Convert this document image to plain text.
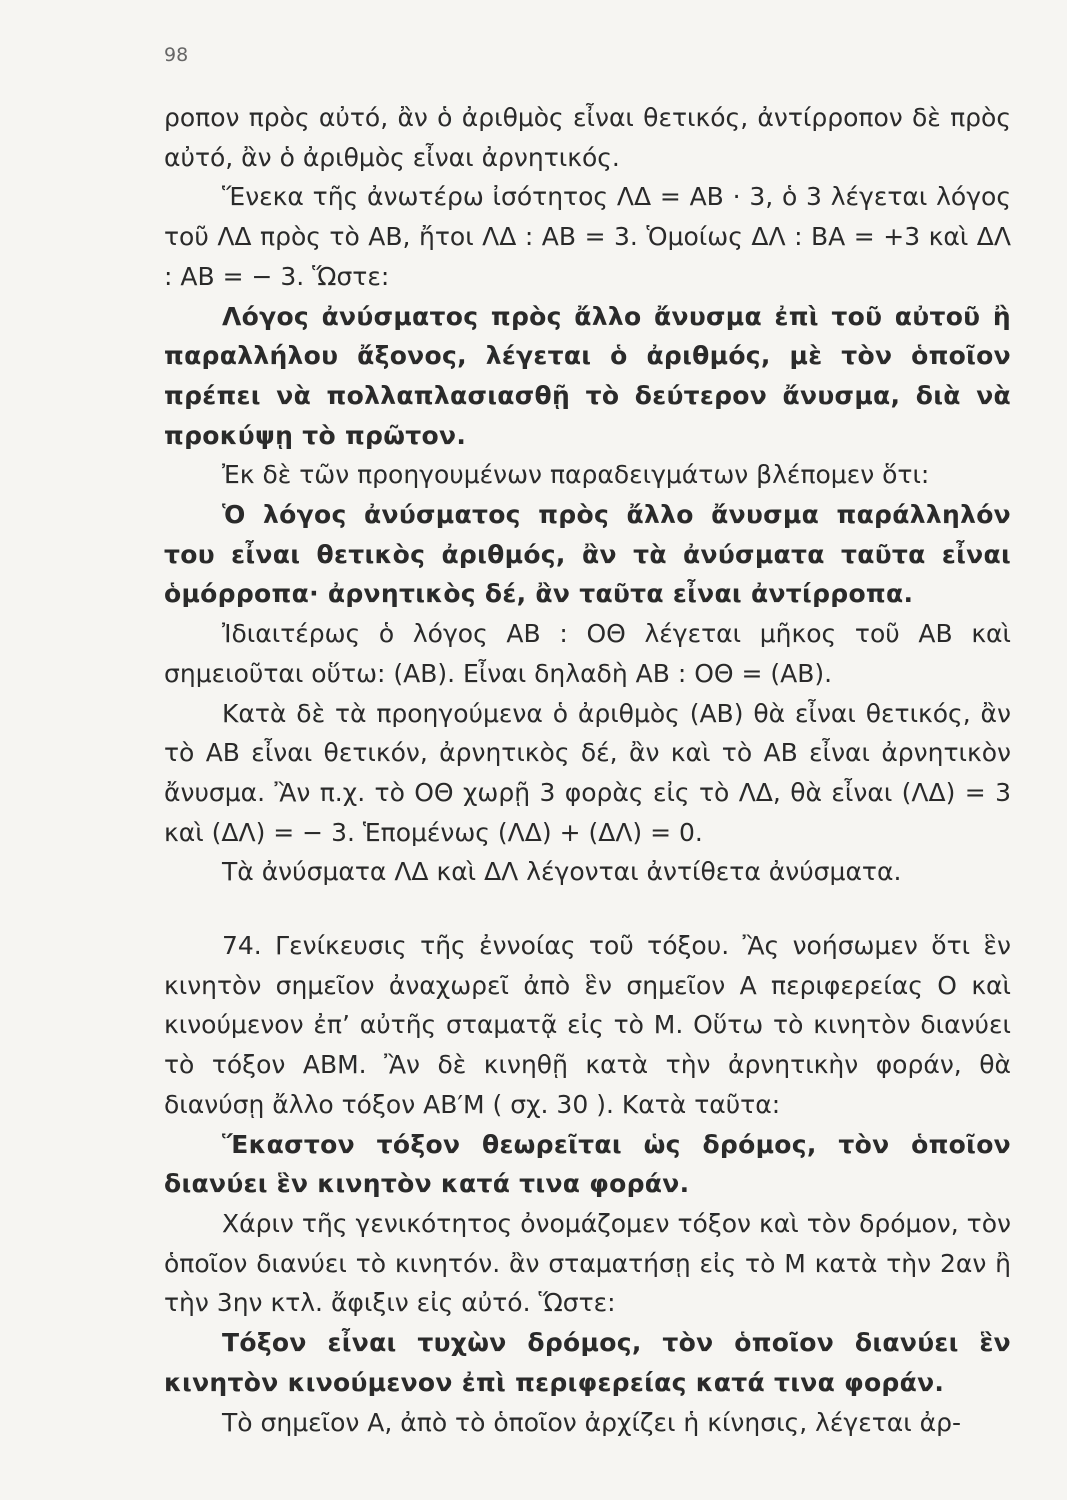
98

ροπον πρὸς αὐτό, ἂν ὁ ἀριθμὸς εἶναι θετικός, ἀντίρροπον δὲ πρὸς αὐτό, ἂν ὁ ἀριθμὸς εἶναι ἀρνητικός.

Ἕνεκα τῆς ἀνωτέρω ἰσότητος ΛΔ = ΑΒ · 3, ὁ 3 λέγεται λόγος τοῦ ΛΔ πρὸς τὸ ΑΒ, ἤτοι ΛΔ : ΑΒ = 3. Ὁμοίως ΔΛ : ΒΑ = +3 καὶ ΔΛ : ΑΒ = − 3. Ὥστε:

Λόγος ἀνύσματος πρὸς ἄλλο ἄνυσμα ἐπὶ τοῦ αὐτοῦ ἢ παραλλήλου ἄξονος, λέγεται ὁ ἀριθμός, μὲ τὸν ὁποῖον πρέπει νὰ πολλαπλασιασθῇ τὸ δεύτερον ἄνυσμα, διὰ νὰ προκύψῃ τὸ πρῶτον.

Ἐκ δὲ τῶν προηγουμένων παραδειγμάτων βλέπομεν ὅτι:

Ὁ λόγος ἀνύσματος πρὸς ἄλλο ἄνυσμα παράλληλόν του εἶναι θετικὸς ἀριθμός, ἂν τὰ ἀνύσματα ταῦτα εἶναι ὁμόρροπα· ἀρνητικὸς δέ, ἂν ταῦτα εἶναι ἀντίρροπα.

Ἰδιαιτέρως ὁ λόγος ΑΒ : ΟΘ λέγεται μῆκος τοῦ ΑΒ καὶ σημειοῦται οὕτω: (ΑΒ). Εἶναι δηλαδὴ ΑΒ : ΟΘ = (ΑΒ).

Κατὰ δὲ τὰ προηγούμενα ὁ ἀριθμὸς (ΑΒ) θὰ εἶναι θετικός, ἂν τὸ ΑΒ εἶναι θετικόν, ἀρνητικὸς δέ, ἂν καὶ τὸ ΑΒ εἶναι ἀρνητικὸν ἄνυσμα. Ἂν π.χ. τὸ ΟΘ χωρῇ 3 φορὰς εἰς τὸ ΛΔ, θὰ εἶναι (ΛΔ) = 3 καὶ (ΔΛ) = − 3. Ἑπομένως (ΛΔ) + (ΔΛ) = 0.

Τὰ ἀνύσματα ΛΔ καὶ ΔΛ λέγονται ἀντίθετα ἀνύσματα.

74. Γενίκευσις τῆς ἐννοίας τοῦ τόξου. Ἂς νοήσωμεν ὅτι ἓν κινητὸν σημεῖον ἀναχωρεῖ ἀπὸ ἓν σημεῖον Α περιφερείας Ο καὶ κινούμενον ἐπ’ αὐτῆς σταματᾷ εἰς τὸ Μ. Οὕτω τὸ κινητὸν διανύει τὸ τόξον ΑΒΜ. Ἂν δὲ κινηθῇ κατὰ τὴν ἀρνητικὴν φοράν, θὰ διανύσῃ ἄλλο τόξον ΑΒ′Μ ( σχ. 30 ). Κατὰ ταῦτα:

Ἕκαστον τόξον θεωρεῖται ὡς δρόμος, τὸν ὁποῖον διανύει ἓν κινητὸν κατά τινα φοράν.

Χάριν τῆς γενικότητος ὀνομάζομεν τόξον καὶ τὸν δρόμον, τὸν ὁποῖον διανύει τὸ κινητόν. ἂν σταματήσῃ εἰς τὸ Μ κατὰ τὴν 2αν ἢ τὴν 3ην κτλ. ἄφιξιν εἰς αὐτό. Ὥστε:

Τόξον εἶναι τυχὼν δρόμος, τὸν ὁποῖον διανύει ἓν κινητὸν κινούμενον ἐπὶ περιφερείας κατά τινα φοράν.

Τὸ σημεῖον Α, ἀπὸ τὸ ὁποῖον ἀρχίζει ἡ κίνησις, λέγεται ἀρ-
